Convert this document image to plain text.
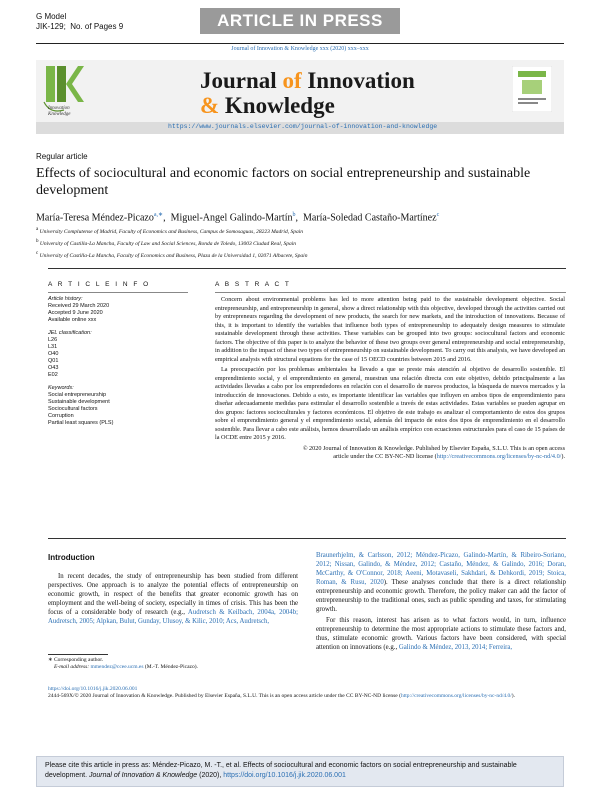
G Model
JIK-129; No. of Pages 9	ARTICLE IN PRESS
Journal of Innovation & Knowledge xxx (2020) xxx–xxx
Innovation
Knowledge
Journal of Innovation
& Knowledge
https://www.journals.elsevier.com/journal-of-innovation-and-knowledge
Regular article
Effects of sociocultural and economic factors on social entrepreneurship and sustainable development
María-Teresa Méndez-Picazo$^{a,∗}$,  Miguel-Angel Galindo-Martín$^b$,  María-Soledad Castaño-Martínez$^c$
$^a$ University Complutense of Madrid, Faculty of Economics and Business, Campus de Somosaguas, 28223 Madrid, Spain
$^b$ University of Castilla-La Mancha, Faculty of Law and Social Sciences, Ronda de Toledo, 13003 Ciudad Real, Spain
$^c$ University of Castilla-La Mancha, Faculty of Economics and Business, Plaza de la Universidad 1, 02071 Albacete, Spain
A R T I C L E I N F O	A B S T R A C T
Article history:
Received 29 March 2020
Accepted 9 June 2020
Available online xxx
JEL classification:
L26
L31
O40
Q01
O43
E02
Keywords:
Social entrepreneurship
Sustainable development
Sociocultural factors
Corruption
Partial least squares (PLS)

Concern about environmental problems has led to more attention being paid to the sustainable development objective. Social entrepreneurship, and entrepreneurship in general, show a direct relationship with this objective, developed through the activities carried out by entrepreneurs regarding the development of new products, the search for new markets, and the introduction of innovations. Because of this, it is important to identify the variables that influence both types of entrepreneurship to adequately design measures to stimulate sustainable development through these activities. These variables can be grouped into two groups: sociocultural factors and economic factors. The objective of this paper is to analyze the behavior of these two groups over general entrepreneurship and social entrepreneurship, in addition to the impact of these two types of entrepreneurship on sustainable development. To carry out this analysis, we have developed an empirical analysis with structural equations for the case of 15 OECD countries between 2015 and 2016.

La preocupación por los problemas ambientales ha llevado a que se preste más atención al objetivo de desarrollo sostenible. El emprendimiento social, y el emprendimiento en general, muestran una relación directa con este objetivo, debido principalmente a las actividades llevadas a cabo por los emprendedores en relación con el desarrollo de nuevos productos, la búsqueda de nuevos mercados y la introducción de innovaciones. Debido a esto, es importante identificar las variables que influyen en ambos tipos de emprendimiento para diseñar adecuadamente medidas para estimular el desarrollo sostenible a través de estas actividades. Estas variables se pueden agrupar en dos grupos: factores socioculturales y factores económicos. El objetivo de este trabajo es analizar el comportamiento de estos dos grupos sobre el emprendimiento general y el emprendimiento social, además del impacto de estos dos tipos de emprendimiento en el desarrollo sostenible. Para llevar a cabo este análisis, hemos desarrollado un análisis empírico con ecuaciones estructurales para el caso de 15 países de la OCDE entre 2015 y 2016.

© 2020 Journal of Innovation & Knowledge. Published by Elsevier España, S.L.U. This is an open access
article under the CC BY-NC-ND license (http://creativecommons.org/licenses/by-nc-nd/4.0/).
Introduction
In recent decades, the study of entrepreneurship has been studied from different perspectives. One approach is to analyze the potential effects of entrepreneurship on economic growth, in respect of the benefits that greater economic growth has on employment and the well-being of society, especially in times of crisis. This has been the focus of a considerable body of research (e.g., Audretsch & Keilbach, 2004a, 2004b; Audretsch, 2005; Alpkan, Bulut, Gunday, Ulusoy, & Kilic, 2010; Acs, Audretsch,
Braunerhjelm, & Carlsson, 2012; Méndez-Picazo, Galindo-Martín, & Ribeiro-Soriano, 2012; Nissan, Galindo, & Méndez, 2012; Castaño, Méndez, & Galindo, 2016; Doran, McCarthy, & O'Connor, 2018; Aeeni, Motavaseli, Sakhdari, & Dehkordi, 2019; Stoica, Roman, & Rusu, 2020). These analyses conclude that there is a direct relationship entrepreneurship and economic growth. Therefore, the policy maker can add the factor of entrepreneurship to the traditional ones, such as public spending and taxes, for stimulating growth.
For this reason, interest has arisen as to what factors would, in turn, influence entrepreneurship to determine the most appropriate actions to stimulate these factors and, thus, stimulate economic growth. Various factors have been considered, with special attention on innovations (e.g., Galindo & Méndez, 2013, 2014; Ferreira,
∗ Corresponding author.
E-mail address: mmendez@ccee.ucm.es (M.-T. Méndez-Picazo).
https://doi.org/10.1016/j.jik.2020.06.001
2444-569X/© 2020 Journal of Innovation & Knowledge. Published by Elsevier España, S.L.U. This is an open access article under the CC BY-NC-ND license (http://creativecommons.org/licenses/by-nc-nd/4.0/).
Please cite this article in press as: Méndez-Picazo, M. -T., et al. Effects of sociocultural and economic factors on social entrepreneurship and sustainable development. Journal of Innovation & Knowledge (2020), https://doi.org/10.1016/j.jik.2020.06.001
